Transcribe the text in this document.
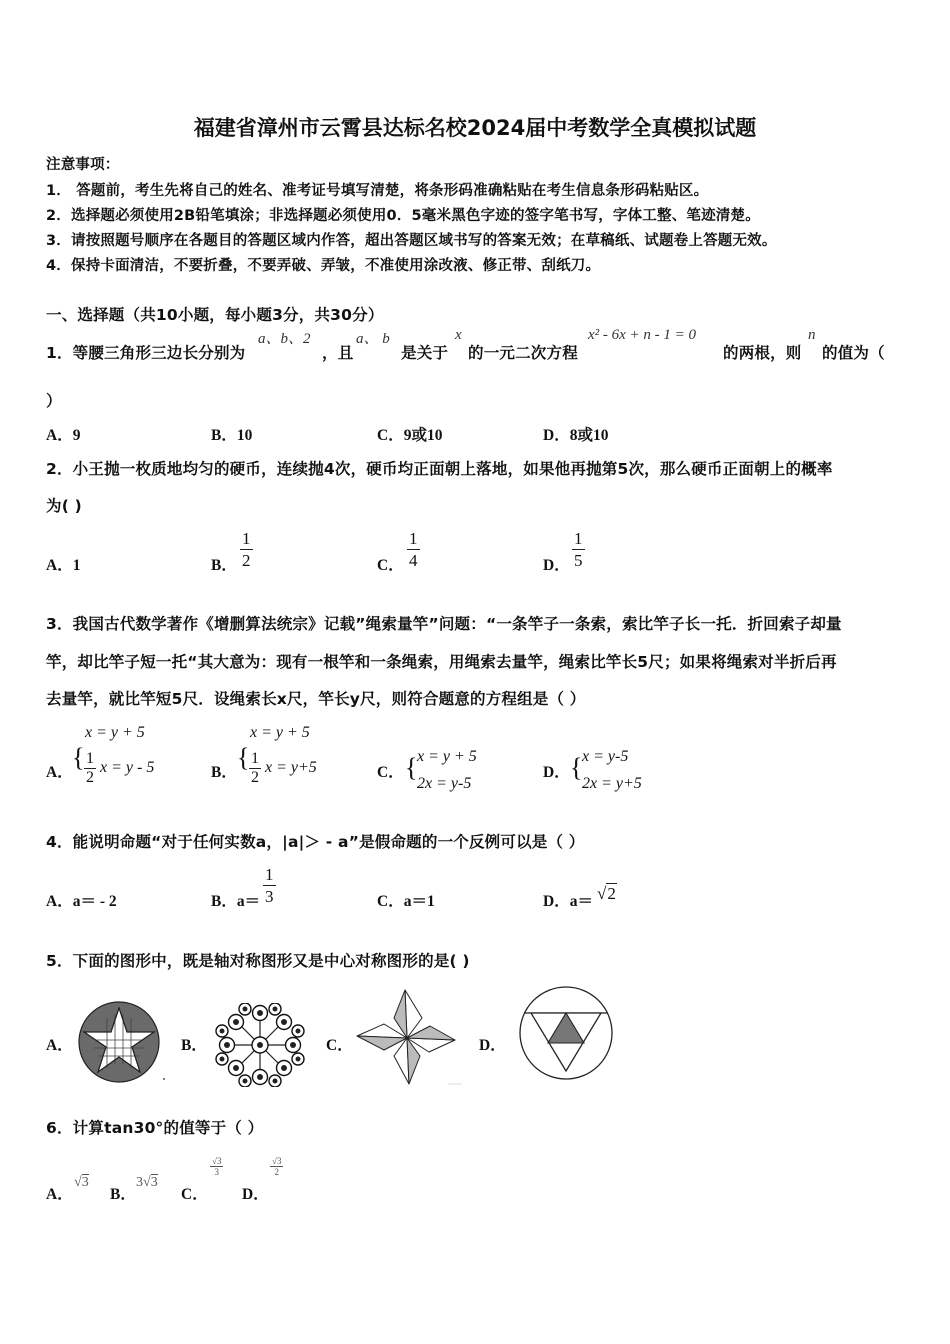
福建省漳州市云霄县达标名校2024届中考数学全真模拟试题
注意事项：
1． 答题前，考生先将自己的姓名、准考证号填写清楚，将条形码准确粘贴在考生信息条形码粘贴区。
2．选择题必须使用2B铅笔填涂；非选择题必须使用0．5毫米黑色字迹的签字笔书写，字体工整、笔迹清楚。
3．请按照题号顺序在各题目的答题区域内作答，超出答题区域书写的答案无效；在草稿纸、试题卷上答题无效。
4．保持卡面清洁，不要折叠，不要弄破、弄皱，不准使用涂改液、修正带、刮纸刀。
一、选择题（共10小题，每小题3分，共30分）
1．等腰三角形三边长分别为
a、b、2
，且
a、 b
是关于
x
的一元二次方程
x² - 6x + n - 1 = 0
的两根，则
n
的值为（
）
A．9	B．10	C．9或10	D．8或10
2．小王抛一枚质地均匀的硬币，连续抛4次，硬币均正面朝上落地，如果他再抛第5次，那么硬币正面朝上的概率
为( )
A．1	B． $\frac{1}{2}$	C． $\frac{1}{4}$	D． $\frac{1}{5}$
3．我国古代数学著作《增删算法统宗》记载”绳索量竿”问题：“一条竿子一条索，索比竿子长一托．折回索子却量
竿，却比竿子短一托“其大意为：现有一根竿和一条绳索，用绳索去量竿，绳索比竿长5尺；如果将绳索对半折后再
去量竿，就比竿短5尺．设绳索长x尺，竿长y尺，则符合题意的方程组是（ ）
A．
x = y + 5
{ $\frac{1}{2}$ x = y - 5	B．
x = y + 5
{ $\frac{1}{2}$ x = y+5	C． { x = y + 5
2x = y-5
D． { x = y-5
2x = y+5
4．能说明命题“对于任何实数a，|a|＞ - a”是假命题的一个反例可以是（ ）
A．a＝ - 2	B．$a= \frac{1}{3}$	C．a＝1	D．a＝ √2
5．下面的图形中，既是轴对称图形又是中心对称图形的是( )
A．	B．	C．	D．
6．计算tan30°的值等于（ ）
A．
√3
B．
3√3
C．
$\frac{√3}{3}$
D．
$\frac{√3}{2}$
